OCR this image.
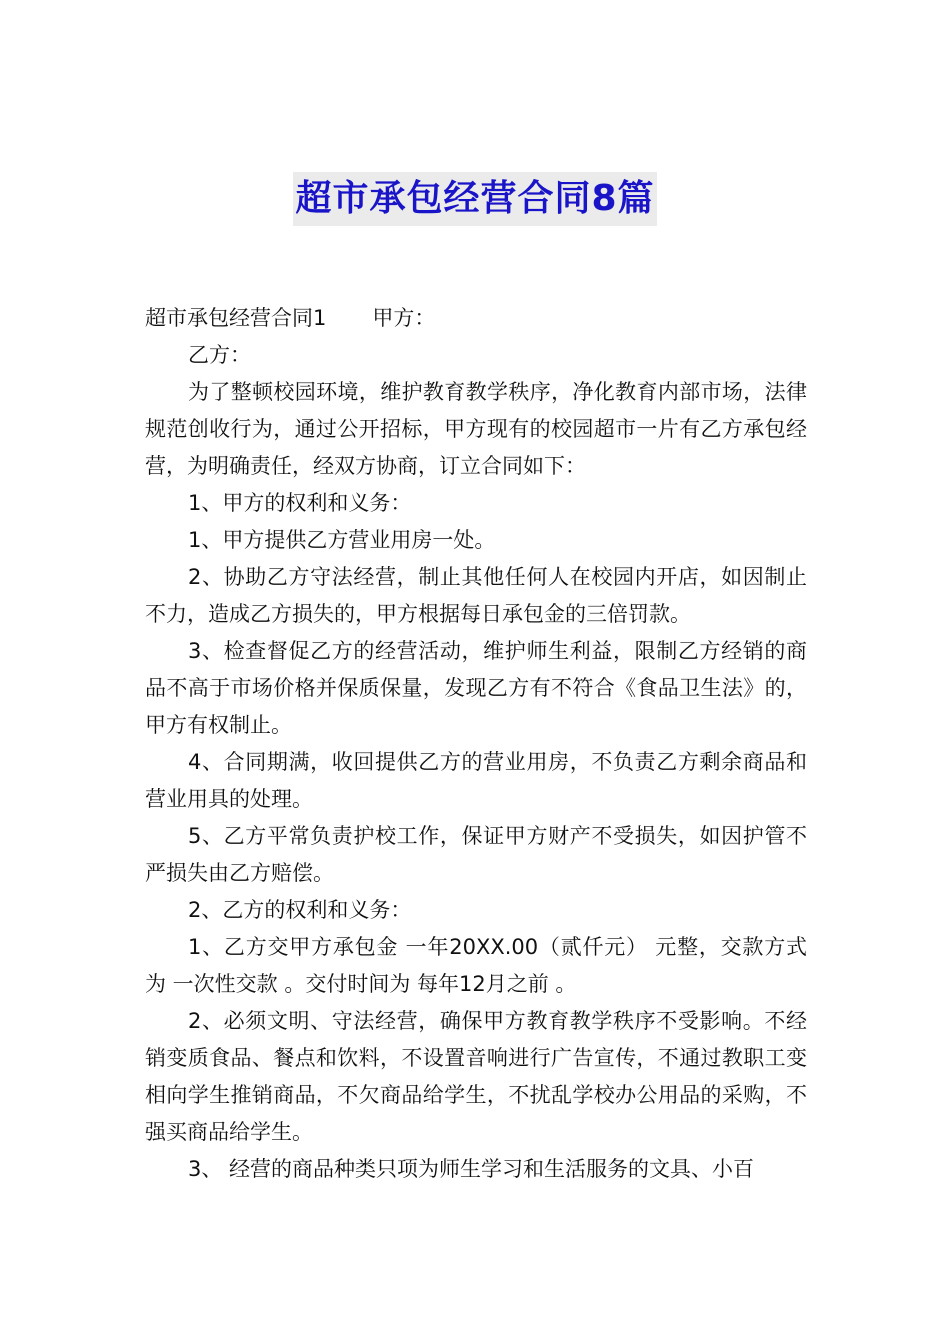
超市承包经营合同8篇

超市承包经营合同1 甲方：

乙方：

为了整顿校园环境，维护教育教学秩序，净化教育内部市场，法律规范创收行为，通过公开招标，甲方现有的校园超市一片有乙方承包经营，为明确责任，经双方协商，订立合同如下：

1、甲方的权利和义务：

1、甲方提供乙方营业用房一处。

2、协助乙方守法经营，制止其他任何人在校园内开店，如因制止不力，造成乙方损失的，甲方根据每日承包金的三倍罚款。

3、检查督促乙方的经营活动，维护师生利益，限制乙方经销的商品不高于市场价格并保质保量，发现乙方有不符合《食品卫生法》的，甲方有权制止。

4、合同期满，收回提供乙方的营业用房，不负责乙方剩余商品和营业用具的处理。

5、乙方平常负责护校工作，保证甲方财产不受损失，如因护管不严损失由乙方赔偿。

2、乙方的权利和义务：

1、乙方交甲方承包金 一年20XX.00（贰仟元） 元整，交款方式为 一次性交款 。交付时间为 每年12月之前 。

2、必须文明、守法经营，确保甲方教育教学秩序不受影响。不经销变质食品、餐点和饮料，不设置音响进行广告宣传，不通过教职工变相向学生推销商品，不欠商品给学生，不扰乱学校办公用品的采购，不强买商品给学生。

3、 经营的商品种类只项为师生学习和生活服务的文具、小百
